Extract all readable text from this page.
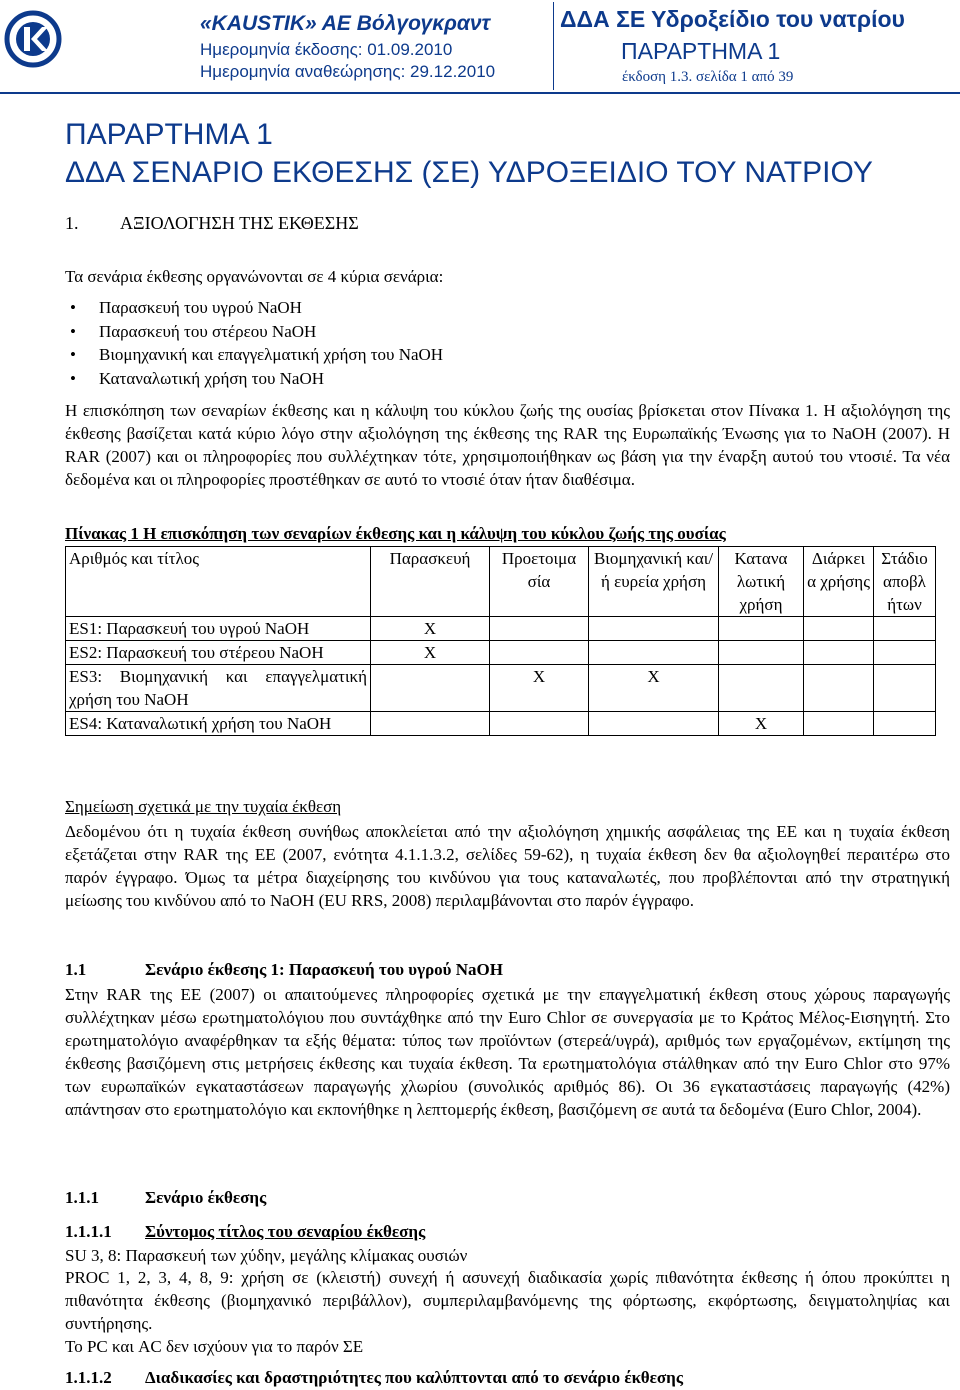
«KAUSTIK» AE Βόλγογκραντ
Ημερομηνία έκδοσης: 01.09.2010
Ημερομηνία αναθεώρησης: 29.12.2010
ΔΔΑ ΣΕ Υδροξείδιο του νατρίου
ΠΑΡΑΡΤΗΜΑ 1
έκδοση 1.3. σελίδα 1 από 39
ΠΑΡΑΡΤΗΜΑ 1
ΔΔΑ ΣΕΝΑΡΙΟ ΕΚΘΕΣΗΣ (ΣΕ) ΥΔΡΟΞΕΙΔΙΟ ΤΟΥ ΝΑΤΡΙΟΥ
1. ΑΞΙΟΛΟΓΗΣΗ ΤΗΣ ΕΚΘΕΣΗΣ
Τα σενάρια έκθεσης οργανώνονται σε 4 κύρια σενάρια:
•	Παρασκευή του υγρού NaOH
•	Παρασκευή του στέρεου NaOH
•	Βιομηχανική και επαγγελματική χρήση του NaOH
•	Καταναλωτική χρήση του NaOH
Η επισκόπηση των σεναρίων έκθεσης και η κάλυψη του κύκλου ζωής της ουσίας βρίσκεται στον Πίνακα 1. Η αξιολόγηση της έκθεσης βασίζεται κατά κύριο λόγο στην αξιολόγηση της έκθεσης της RAR της Ευρωπαϊκής Ένωσης για το NaOH (2007). Η RAR (2007) και οι πληροφορίες που συλλέχτηκαν τότε, χρησιμοποιήθηκαν ως βάση για την έναρξη αυτού του ντοσιέ. Τα νέα δεδομένα και οι πληροφορίες προστέθηκαν σε αυτό το ντοσιέ όταν ήταν διαθέσιμα.
Πίνακας 1 Η επισκόπηση των σεναρίων έκθεσης και η κάλυψη του κύκλου ζωής της ουσίας
Αριθμός και τίτλος	Παρασκευή	Προετοιμα σία	Βιομηχανική και/ή ευρεία χρήση	Κατανα λωτική χρήση	Διάρκει α χρήσης	Στάδιο αποβλ ήτων
ES1: Παρασκευή του υγρού NaOH	X					
ES2: Παρασκευή του στέρεου NaOH	X					
ES3: Βιομηχανική και επαγγελματική χρήση του NaOH		X	X			
ES4: Καταναλωτική χρήση του NaOH				X		
Σημείωση σχετικά με την τυχαία έκθεση
Δεδομένου ότι η τυχαία έκθεση συνήθως αποκλείεται από την αξιολόγηση χημικής ασφάλειας της ΕΕ και η τυχαία έκθεση εξετάζεται στην RAR της ΕΕ (2007, ενότητα 4.1.1.3.2, σελίδες 59-62), η τυχαία έκθεση δεν θα αξιολογηθεί περαιτέρω στο παρόν έγγραφο. Όμως τα μέτρα διαχείρησης του κινδύνου για τους καταναλωτές, που προβλέπονται από την στρατηγική μείωσης του κινδύνου από το NaOH (EU RRS, 2008) περιλαμβάνονται στο παρόν έγγραφο.
1.1	Σενάριο έκθεσης 1: Παρασκευή του υγρού NaOH
Στην RAR της ΕΕ (2007) οι απαιτούμενες πληροφορίες σχετικά με την επαγγελματική έκθεση στους χώρους παραγωγής συλλέχτηκαν μέσω ερωτηματολόγιου που συντάχθηκε από την Euro Chlor σε συνεργασία με το Κράτος Μέλος-Εισηγητή. Στο ερωτηματολόγιο αναφέρθηκαν τα εξής θέματα: τύπος των προϊόντων (στερεά/υγρά), αριθμός των εργαζομένων, εκτίμηση της έκθεσης βασιζόμενη στις μετρήσεις έκθεσης και τυχαία έκθεση. Τα ερωτηματολόγια στάλθηκαν από την Euro Chlor στο 97% των ευρωπαϊκών εγκαταστάσεων παραγωγής χλωρίου (συνολικός αριθμός 86). Οι 36 εγκαταστάσεις παραγωγής (42%) απάντησαν στο ερωτηματολόγιο και εκπονήθηκε η λεπτομερής έκθεση, βασιζόμενη σε αυτά τα δεδομένα (Euro Chlor, 2004).
1.1.1	Σενάριο έκθεσης
1.1.1.1 Σύντομος τίτλος του σεναρίου έκθεσης
SU 3, 8: Παρασκευή των χύδην, μεγάλης κλίμακας ουσιών
PROC 1, 2, 3, 4, 8, 9: χρήση σε (κλειστή) συνεχή ή ασυνεχή διαδικασία χωρίς πιθανότητα έκθεσης ή όπου προκύπτει η πιθανότητα έκθεσης (βιομηχανικό περιβάλλον), συμπεριλαμβανόμενης της φόρτωσης, εκφόρτωσης, δειγματοληψίας και συντήρησης.
Το PC και AC δεν ισχύουν για το παρόν ΣΕ
1.1.1.2 Διαδικασίες και δραστηριότητες που καλύπτονται από το σενάριο έκθεσης
